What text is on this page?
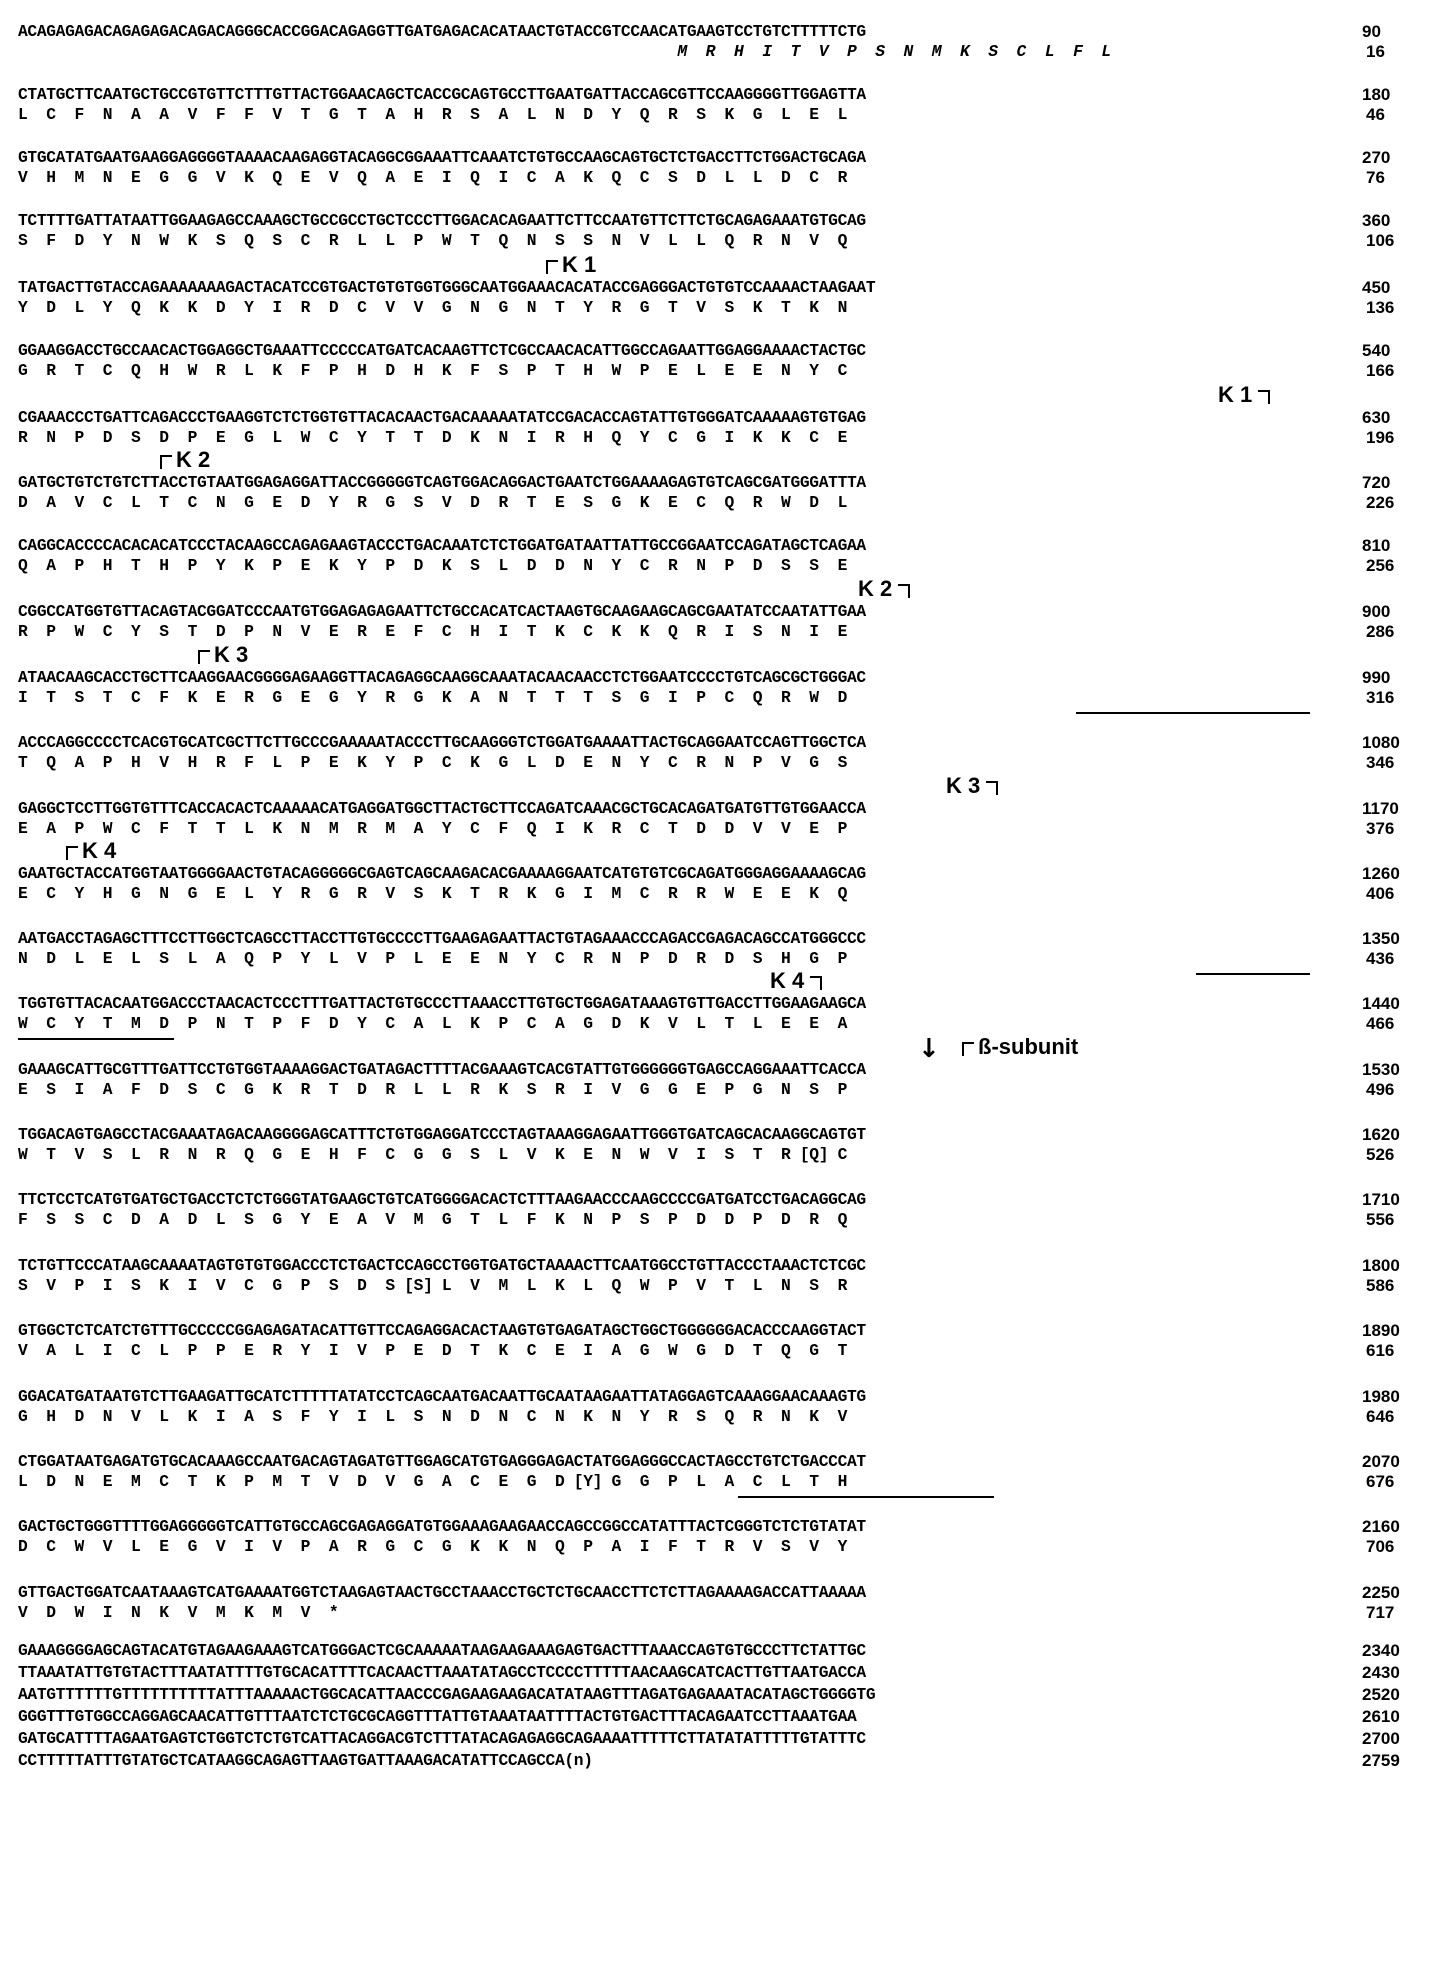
ACAGAGAGACAGAGAGACAGACAGGGCACCGGACAGAGGTTGATGAGACACATAACTGTACCGTCCAACATGAAGTCCTGTCTTTTTCTG	90
M  R  H  I  T  V  P  S  N  M  K  S  C  L  F  L	16
CTATGCTTCAATGCTGCCGTGTTCTTTGTTACTGGAACAGCTCACCGCAGTGCCTTGAATGATTACCAGCGTTCCAAGGGGTTGGAGTTA	180
L  C  F  N  A  A  V  F  F  V  T  G  T  A  H  R  S  A  L  N  D  Y  Q  R  S  K  G  L  E  L	46
GTGCATATGAATGAAGGAGGGGTAAAACAAGAGGTACAGGCGGAAATTCAAATCTGTGCCAAGCAGTGCTCTGACCTTCTGGACTGCAGA	270
V  H  M  N  E  G  G  V  K  Q  E  V  Q  A  E  I  Q  I  C  A  K  Q  C  S  D  L  L  D  C  R	76
TCTTTTGATTATAATTGGAAGAGCCAAAGCTGCCGCCTGCTCCCTTGGACACAGAATTCTTCCAATGTTCTTCTGCAGAGAAATGTGCAG	360
S  F  D  Y  N  W  K  S  Q  S  C  R  L  L  P  W  T  Q  N  S  S  N  V  L  L  Q  R  N  V  Q	106
K 1
TATGACTTGTACCAGAAAAAAAGACTACATCCGTGACTGTGTGGTGGGCAATGGAAACACATACCGAGGGACTGTGTCCAAAACTAAGAAT	450
Y  D  L  Y  Q  K  K  D  Y  I  R  D  C  V  V  G  N  G  N  T  Y  R  G  T  V  S  K  T  K  N	136
GGAAGGACCTGCCAACACTGGAGGCTGAAATTCCCCCATGATCACAAGTTCTCGCCAACACATTGGCCAGAATTGGAGGAAAACTACTGC	540
G  R  T  C  Q  H  W  R  L  K  F  P  H  D  H  K  F  S  P  T  H  W  P  E  L  E  E  N  Y  C	166
K 1
CGAAACCCTGATTCAGACCCTGAAGGTCTCTGGTGTTACACAACTGACAAAAATATCCGACACCAGTATTGTGGGATCAAAAAGTGTGAG	630
R  N  P  D  S  D  P  E  G  L  W  C  Y  T  T  D  K  N  I  R  H  Q  Y  C  G  I  K  K  C  E	196
K 2
GATGCTGTCTGTCTTACCTGTAATGGAGAGGATTACCGGGGGTCAGTGGACAGGACTGAATCTGGAAAAGAGTGTCAGCGATGGGATTTA	720
D  A  V  C  L  T  C  N  G  E  D  Y  R  G  S  V  D  R  T  E  S  G  K  E  C  Q  R  W  D  L	226
CAGGCACCCCACACACATCCCTACAAGCCAGAGAAGTACCCTGACAAATCTCTGGATGATAATTATTGCCGGAATCCAGATAGCTCAGAA	810
Q  A  P  H  T  H  P  Y  K  P  E  K  Y  P  D  K  S  L  D  D  N  Y  C  R  N  P  D  S  S  E	256
K 2
CGGCCATGGTGTTACAGTACGGATCCCAATGTGGAGAGAGAATTCTGCCACATCACTAAGTGCAAGAAGCAGCGAATATCCAATATTGAA	900
R  P  W  C  Y  S  T  D  P  N  V  E  R  E  F  C  H  I  T  K  C  K  K  Q  R  I  S  N  I  E	286
K 3
ATAACAAGCACCTGCTTCAAGGAACGGGGAGAAGGTTACAGAGGCAAGGCAAATACAACAACCTCTGGAATCCCCTGTCAGCGCTGGGAC	990
I  T  S  T  C  F  K  E  R  G  E  G  Y  R  G  K  A  N  T  T  T  S  G  I  P  C  Q  R  W  D	316
ACCCAGGCCCCTCACGTGCATCGCTTCTTGCCCGAAAAATACCCTTGCAAGGGTCTGGATGAAAATTACTGCAGGAATCCAGTTGGCTCA	1080
T  Q  A  P  H  V  H  R  F  L  P  E  K  Y  P  C  K  G  L  D  E  N  Y  C  R  N  P  V  G  S	346
K 3
GAGGCTCCTTGGTGTTTCACCACACTCAAAAACATGAGGATGGCTTACTGCTTCCAGATCAAACGCTGCACAGATGATGTTGTGGAACCA	1170
E  A  P  W  C  F  T  T  L  K  N  M  R  M  A  Y  C  F  Q  I  K  R  C  T  D  D  V  V  E  P	376
K 4
GAATGCTACCATGGTAATGGGGAACTGTACAGGGGGCGAGTCAGCAAGACACGAAAAGGAATCATGTGTCGCAGATGGGAGGAAAAGCAG	1260
E  C  Y  H  G  N  G  E  L  Y  R  G  R  V  S  K  T  R  K  G  I  M  C  R  R  W  E  E  K  Q	406
AATGACCTAGAGCTTTCCTTGGCTCAGCCTTACCTTGTGCCCCTTGAAGAGAATTACTGTAGAAACCCAGACCGAGACAGCCATGGGCCC	1350
N  D  L  E  L  S  L  A  Q  P  Y  L  V  P  L  E  E  N  Y  C  R  N  P  D  R  D  S  H  G  P	436
K 4
TGGTGTTACACAATGGACCCTAACACTCCCTTTGATTACTGTGCCCTTAAACCTTGTGCTGGAGATAAAGTGTTGACCTTGGAAGAAGCA	1440
W  C  Y  T  M  D  P  N  T  P  F  D  Y  C  A  L  K  P  C  A  G  D  K  V  L  T  L  E  E  A	466
↓ ß-subunit
GAAAGCATTGCGTTTGATTCCTGTGGTAAAAGGACTGATAGACTTTTACGAAAGTCACGTATTGTGGGGGGTGAGCCAGGAAATTCACCA	1530
E  S  I  A  F  D  S  C  G  K  R  T  D  R  L  L  R  K  S  R  I  V  G  G  E  P  G  N  S  P	496
TGGACAGTGAGCCTACGAAATAGACAAGGGGAGCATTTCTGTGGAGGATCCCTAGTAAAGGAGAATTGGGTGATCAGCACAAGGCAGTGT	1620
W  T  V  S  L  R  N  R  Q  G  E  H  F  C  G  G  S  L  V  K  E  N  W  V  I  S  T  R [Q] C	526
TTCTCCTCATGTGATGCTGACCTCTCTGGGTATGAAGCTGTCATGGGGACACTCTTTAAGAACCCAAGCCCCGATGATCCTGACAGGCAG	1710
F  S  S  C  D  A  D  L  S  G  Y  E  A  V  M  G  T  L  F  K  N  P  S  P  D  D  P  D  R  Q	556
TCTGTTCCCATAAGCAAAATAGTGTGTGGACCCTCTGACTCCAGCCTGGTGATGCTAAAACTTCAATGGCCTGTTACCCTAAACTCTCGC	1800
S  V  P  I  S  K  I  V  C  G  P  S  D  S [S] L  V  M  L  K  L  Q  W  P  V  T  L  N  S  R	586
GTGGCTCTCATCTGTTTGCCCCCGGAGAGATACATTGTTCCAGAGGACACTAAGTGTGAGATAGCTGGCTGGGGGGACACCCAAGGTACT	1890
V  A  L  I  C  L  P  P  E  R  Y  I  V  P  E  D  T  K  C  E  I  A  G  W  G  D  T  Q  G  T	616
GGACATGATAATGTCTTGAAGATTGCATCTTTTTATATCCTCAGCAATGACAATTGCAATAAGAATTATAGGAGTCAAAGGAACAAAGTG	1980
G  H  D  N  V  L  K  I  A  S  F  Y  I  L  S  N  D  N  C  N  K  N  Y  R  S  Q  R  N  K  V	646
CTGGATAATGAGATGTGCACAAAGCCAATGACAGTAGATGTTGGAGCATGTGAGGGAGACTATGGAGGGCCACTAGCCTGTCTGACCCAT	2070
L  D  N  E  M  C  T  K  P  M  T  V  D  V  G  A  C  E  G  D [Y] G  G  P  L  A  C  L  T  H	676
GACTGCTGGGTTTTGGAGGGGGTCATTGTGCCAGCGAGAGGATGTGGAAAGAAGAACCAGCCGGCCATATTTACTCGGGTCTCTGTATAT	2160
D  C  W  V  L  E  G  V  I  V  P  A  R  G  C  G  K  K  N  Q  P  A  I  F  T  R  V  S  V  Y	706
GTTGACTGGATCAATAAAGTCATGAAAATGGTCTAAGAGTAACTGCCTAAACCTGCTCTGCAACCTTCTCTTAGAAAAGACCATTAAAAA	2250
V  D  W  I  N  K  V  M  K  M  V  *	717
GAAAGGGGAGCAGTACATGTAGAAGAAAGTCATGGGACTCGCAAAAATAAGAAGAAAGAGTGACTTTAAACCAGTGTGCCCTTCTATTGC	2340
TTAAATATTGTGTACTTTAATATTTTGTGCACATTTTCACAACTTAAATATAGCCTCCCCTTTTTAACAAGCATCACTTGTTAATGACCA	2430
AATGTTTTTTGTTTTTTTTTTATTTAAAAACTGGCACATTAACCCGAGAAGAAGACATATAAGTTTAGATGAGAAATACATAGCTGGGGTG	2520
GGGTTTGTGGCCAGGAGCAACATTGTTTAATCTCTGCGCAGGTTTATTGTAAATAATTTTACTGTGACTTTACAGAATCCTTAAATGAA	2610
GATGCATTTTAGAATGAGTCTGGTCTCTGTCATTACAGGACGTCTTTATACAGAGAGGCAGAAAATTTTTCTTATATATTTTTGTATTTC	2700
CCTTTTTATTTGTATGCTCATAAGGCAGAGTTAAGTGATTAAAGACATATTCCAGCCA(n)	2759
